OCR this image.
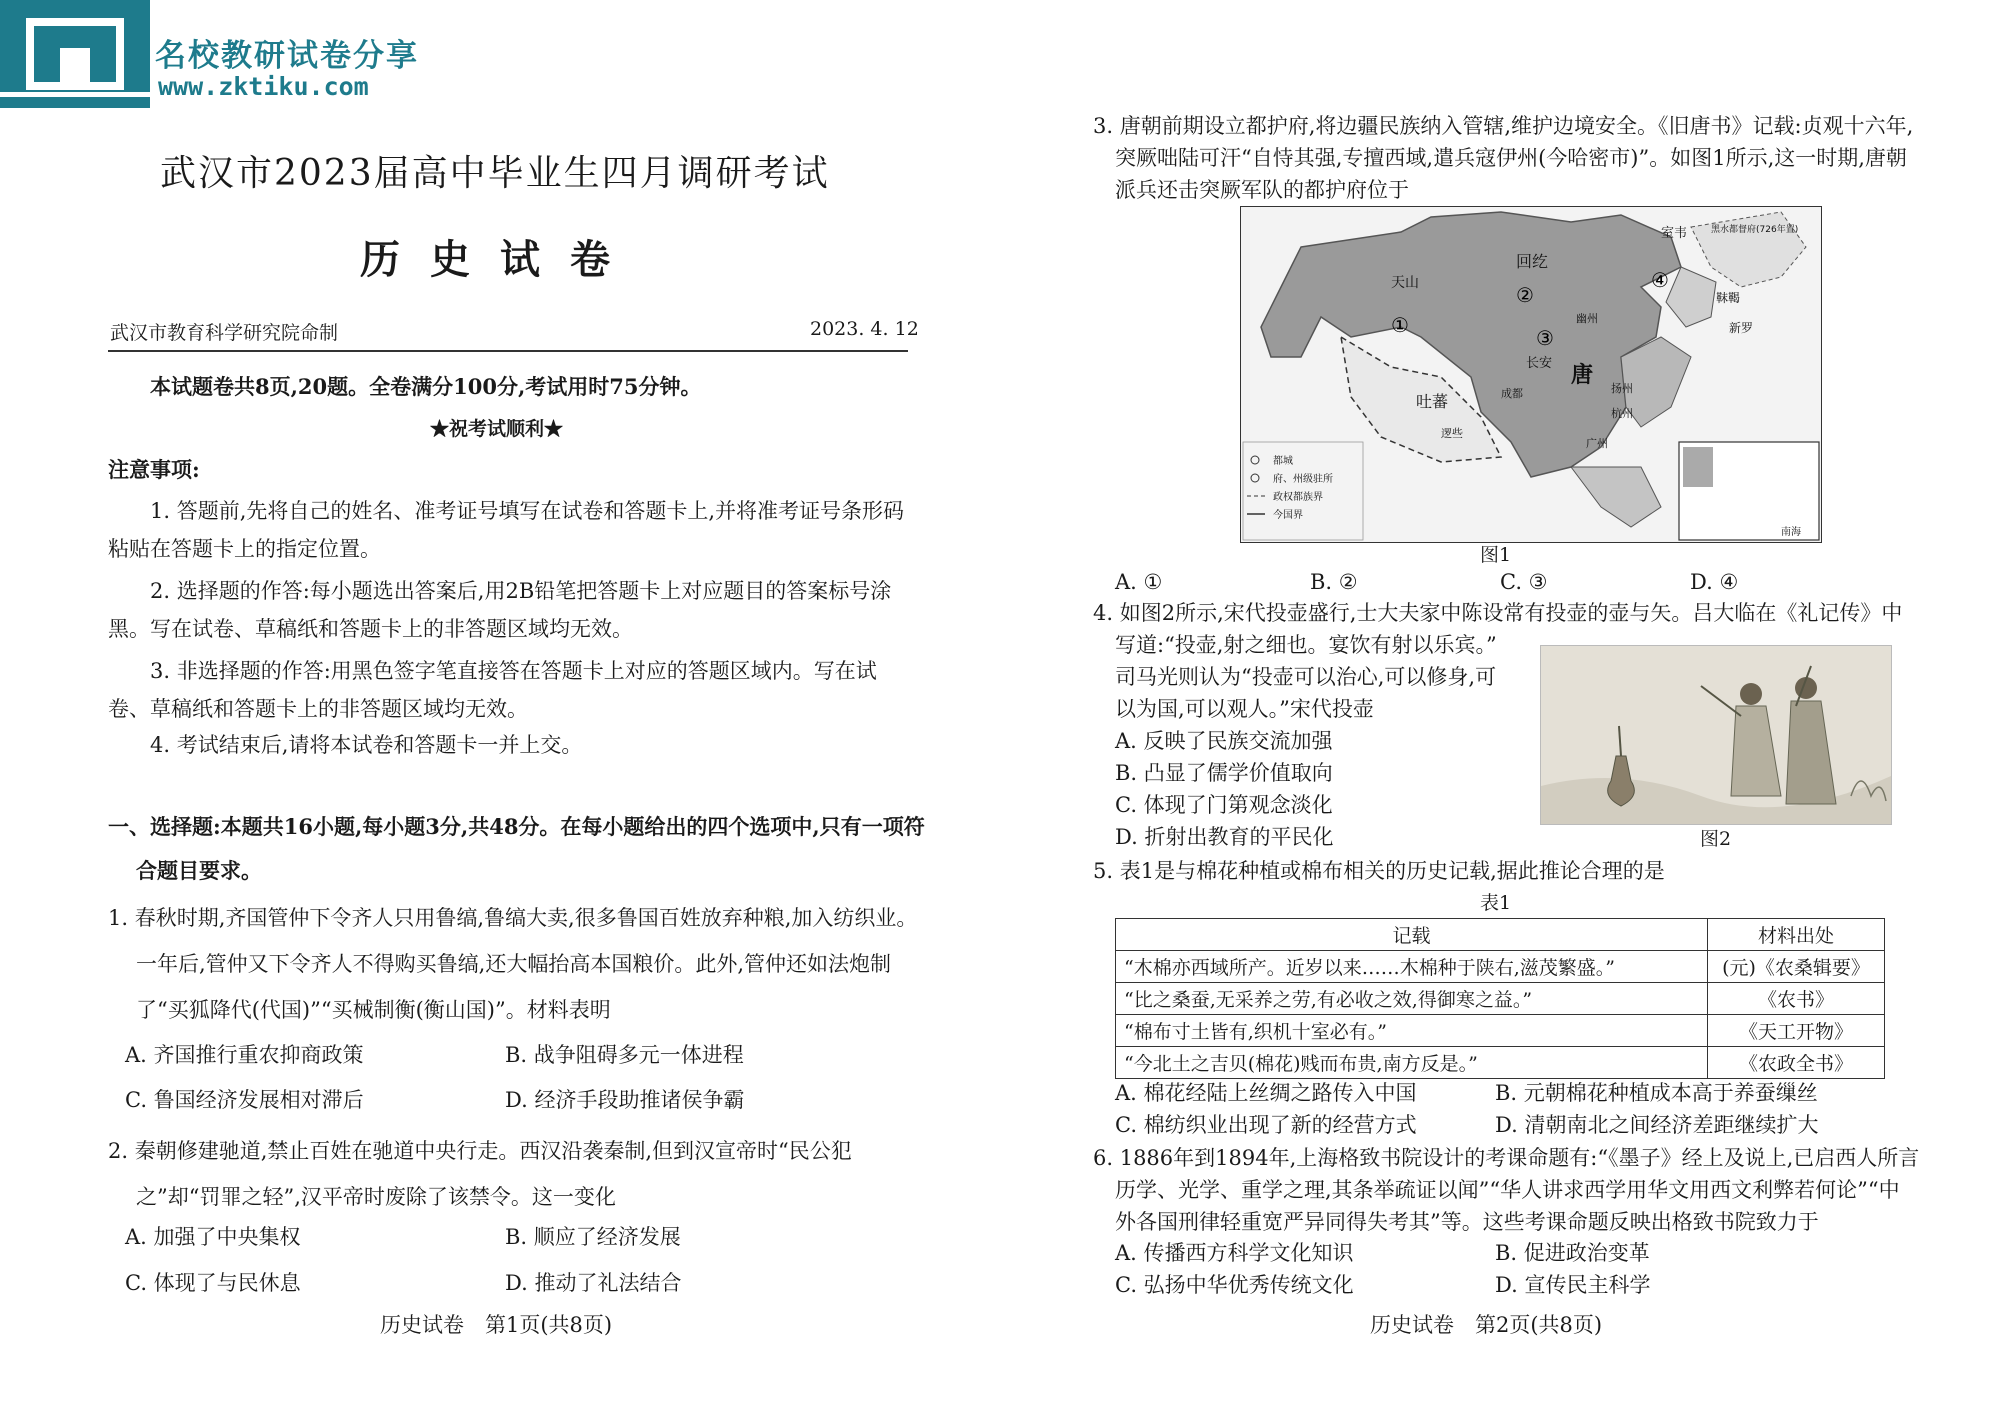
名校教研试卷分享
www.zktiku.com
武汉市2023届高中毕业生四月调研考试
历史试卷
武汉市教育科学研究院命制	2023. 4. 12
本试题卷共8页,20题。全卷满分100分,考试用时75分钟。
★祝考试顺利★
注意事项:
1. 答题前,先将自己的姓名、准考证号填写在试卷和答题卡上,并将准考证号条形码粘贴在答题卡上的指定位置。
2. 选择题的作答:每小题选出答案后,用2B铅笔把答题卡上对应题目的答案标号涂黑。写在试卷、草稿纸和答题卡上的非答题区域均无效。
3. 非选择题的作答:用黑色签字笔直接答在答题卡上对应的答题区域内。写在试卷、草稿纸和答题卡上的非答题区域均无效。
4. 考试结束后,请将本试卷和答题卡一并上交。
一、选择题:本题共16小题,每小题3分,共48分。在每小题给出的四个选项中,只有一项符合题目要求。
1. 春秋时期,齐国管仲下令齐人只用鲁缟,鲁缟大卖,很多鲁国百姓放弃种粮,加入纺织业。一年后,管仲又下令齐人不得购买鲁缟,还大幅抬高本国粮价。此外,管仲还如法炮制了“买狐降代(代国)”“买械制衡(衡山国)”。材料表明
A. 齐国推行重农抑商政策	B. 战争阻碍多元一体进程
C. 鲁国经济发展相对滞后	D. 经济手段助推诸侯争霸
2. 秦朝修建驰道,禁止百姓在驰道中央行走。西汉沿袭秦制,但到汉宣帝时“民公犯之”却“罚罪之轻”,汉平帝时废除了该禁令。这一变化
A. 加强了中央集权	B. 顺应了经济发展
C. 体现了与民休息	D. 推动了礼法结合
历史试卷　第1页(共8页)
3. 唐朝前期设立都护府,将边疆民族纳入管辖,维护边境安全。《旧唐书》记载:贞观十六年,突厥咄陆可汗“自恃其强,专擅西域,遣兵寇伊州(今哈密市)”。如图1所示,这一时期,唐朝派兵还击突厥军队的都护府位于
都城
府、州级驻所
政权都族界
今国界
天山
回纥
吐蕃
唐
长安
室韦
靺鞨
新罗
逻些
黑水都督府(726年置)
幽州
扬州
杭州
成都
广州
南海
①
②
③
④
图1
A. ①	B. ②	C. ③	D. ④
4. 如图2所示,宋代投壶盛行,士大夫家中陈设常有投壶的壶与矢。吕大临在《礼记传》中
写道:“投壶,射之细也。宴饮有射以乐宾。”
司马光则认为“投壶可以治心,可以修身,可
以为国,可以观人。”宋代投壶
A. 反映了民族交流加强
B. 凸显了儒学价值取向
C. 体现了门第观念淡化
D. 折射出教育的平民化	图2
5. 表1是与棉花种植或棉布相关的历史记载,据此推论合理的是
表1
记载	材料出处
“木棉亦西域所产。近岁以来……木棉种于陕右,滋茂繁盛。”	(元)《农桑辑要》
“比之桑蚕,无采养之劳,有必收之效,得御寒之益。”	《农书》
“棉布寸土皆有,织机十室必有。”	《天工开物》
“今北土之吉贝(棉花)贱而布贵,南方反是。”	《农政全书》
A. 棉花经陆上丝绸之路传入中国	B. 元朝棉花种植成本高于养蚕缫丝
C. 棉纺织业出现了新的经营方式	D. 清朝南北之间经济差距继续扩大
6. 1886年到1894年,上海格致书院设计的考课命题有:“《墨子》经上及说上,已启西人所言历学、光学、重学之理,其条举疏证以闻”“华人讲求西学用华文用西文利弊若何论”“中外各国刑律轻重宽严异同得失考其”等。这些考课命题反映出格致书院致力于
A. 传播西方科学文化知识	B. 促进政治变革
C. 弘扬中华优秀传统文化	D. 宣传民主科学
历史试卷　第2页(共8页)
